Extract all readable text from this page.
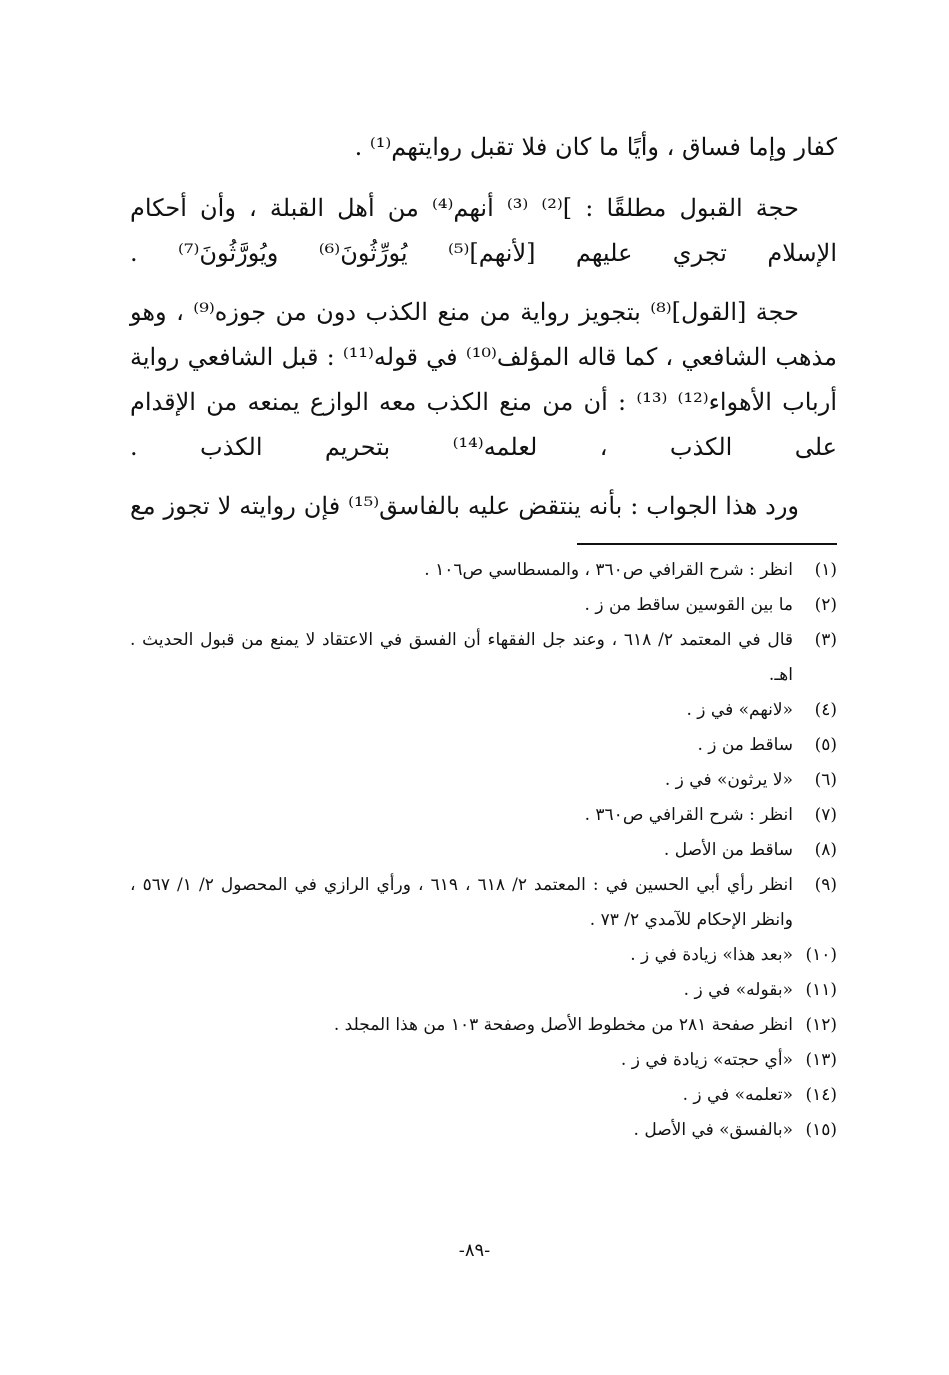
كفار وإما فساق ، وأيًا ما كان فلا تقبل روايتهم⁽¹⁾ .

حجة القبول مطلقًا : ]⁽²⁾ ⁽³⁾ أنهم⁽⁴⁾ من أهل القبلة ، وأن أحكام الإسلام تجري عليهم [لأنهم]⁽⁵⁾ يُورِّثُونَ⁽⁶⁾ ويُورَّثُونَ⁽⁷⁾ .

حجة [القول]⁽⁸⁾ بتجويز رواية من منع الكذب دون من جوزه⁽⁹⁾ ، وهو مذهب الشافعي ، كما قاله المؤلف⁽¹⁰⁾ في قوله⁽¹¹⁾ : قبل الشافعي رواية أرباب الأهواء⁽¹²⁾ ⁽¹³⁾ : أن من منع الكذب معه الوازع يمنعه من الإقدام على الكذب ، لعلمه⁽¹⁴⁾ بتحريم الكذب .

ورد هذا الجواب : بأنه ينتقض عليه بالفاسق⁽¹⁵⁾ فإن روايته لا تجوز مع

(١)
انظر : شرح القرافي ص٣٦٠ ، والمسطاسي ص١٠٦ .
(٢)
ما بين القوسين ساقط من ز .
(٣)
قال في المعتمد ٢/ ٦١٨ ، وعند جل الفقهاء أن الفسق في الاعتقاد لا يمنع من قبول الحديث . اهـ.
(٤)
«لانهم» في ز .
(٥)
ساقط من ز .
(٦)
«لا يرثون» في ز .
(٧)
انظر : شرح القرافي ص٣٦٠ .
(٨)
ساقط من الأصل .
(٩)
انظر رأي أبي الحسين في : المعتمد ٢/ ٦١٨ ، ٦١٩ ، ورأي الرازي في المحصول ٢/ ١/ ٥٦٧ ، وانظر الإحكام للآمدي ٢/ ٧٣ .
(١٠)
«بعد هذا» زيادة في ز .
(١١)
«بقوله» في ز .
(١٢)
انظر صفحة ٢٨١ من مخطوط الأصل وصفحة ١٠٣ من هذا المجلد .
(١٣)
«أي حجته» زيادة في ز .
(١٤)
«تعلمه» في ز .
(١٥)
«بالفسق» في الأصل .
-٨٩-
